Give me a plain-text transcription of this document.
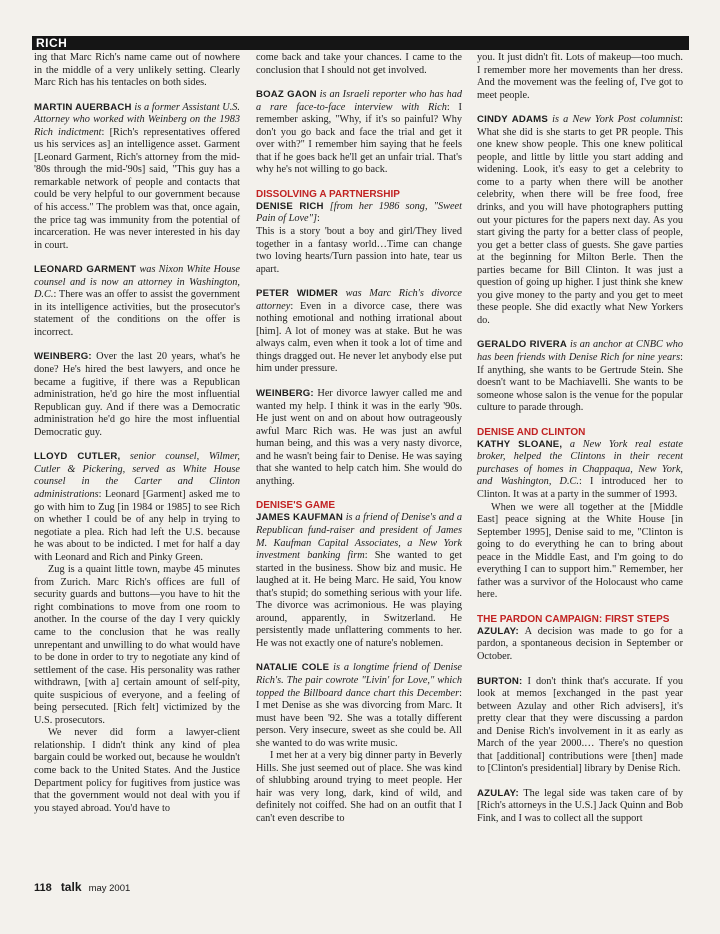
RICH

ing that Marc Rich's name came out of nowhere in the middle of a very unlikely setting. Clearly Marc Rich has his tentacles on both sides.

MARTIN AUERBACH is a former Assistant U.S. Attorney who worked with Weinberg on the 1983 Rich indictment: [Rich's representatives offered us his services as] an intelligence asset. Garment [Leonard Garment, Rich's attorney from the mid-'80s through the mid-'90s] said, "This guy has a remarkable network of people and contacts that could be very helpful to our government because of his access." The problem was that, once again, the price tag was immunity from the potential of incarceration. He was never interested in his day in court.

LEONARD GARMENT was Nixon White House counsel and is now an attorney in Washington, D.C.: There was an offer to assist the government in its intelligence activities, but the prosecutor's statement of the conditions on the offer is incorrect.

WEINBERG: Over the last 20 years, what's he done? He's hired the best lawyers, and once he became a fugitive, if there was a Republican administration, he'd go hire the most influential Republican guy. And if there was a Democratic administration he'd go hire the most influential Democratic guy.

LLOYD CUTLER, senior counsel, Wilmer, Cutler & Pickering, served as White House counsel in the Carter and Clinton administrations: Leonard [Garment] asked me to go with him to Zug [in 1984 or 1985] to see Rich on whether I could be of any help in trying to negotiate a plea. Rich had left the U.S. because he was about to be indicted. I met for half a day with Leonard and Rich and Pinky Green.

Zug is a quaint little town, maybe 45 minutes from Zurich. Marc Rich's offices are full of security guards and buttons—you have to hit the right combinations to move from one room to another. In the course of the day I very quickly came to the conclusion that he was really unrepentant and unwilling to do what would have to be done in order to try to negotiate any kind of settlement of the case. His personality was rather withdrawn, [with a] certain amount of self-pity, quite suspicious of everyone, and a feeling of being persecuted. [Rich felt] victimized by the U.S. prosecutors.

We never did form a lawyer-client relationship. I didn't think any kind of plea bargain could be worked out, because he wouldn't come back to the United States. And the Justice Department policy for fugitives from justice was that the government would not deal with you if you stayed abroad. You'd have to

come back and take your chances. I came to the conclusion that I should not get involved.

BOAZ GAON is an Israeli reporter who has had a rare face-to-face interview with Rich: I remember asking, "Why, if it's so painful? Why don't you go back and face the trial and get it over with?" I remember him saying that he feels that if he goes back he'll get an unfair trial. That's why he's not willing to go back.

DISSOLVING A PARTNERSHIP

DENISE RICH [from her 1986 song, "Sweet Pain of Love"]:
This is a story 'bout a boy and girl/They lived together in a fantasy world…Time can change two loving hearts/Turn passion into hate, tear us apart.

PETER WIDMER was Marc Rich's divorce attorney: Even in a divorce case, there was nothing emotional and nothing irrational about [him]. A lot of money was at stake. But he was always calm, even when it took a lot of time and things dragged out. He never let anybody else put him under pressure.

WEINBERG: Her divorce lawyer called me and wanted my help. I think it was in the early '90s. He just went on and on about how outrageously awful Marc Rich was. He was just an awful human being, and this was a very nasty divorce, and he wasn't being fair to Denise. He was saying that she wanted to help catch him. She would do anything.

DENISE'S GAME

JAMES KAUFMAN is a friend of Denise's and a Republican fund-raiser and president of James M. Kaufman Capital Associates, a New York investment banking firm: She wanted to get started in the business. Show biz and music. He laughed at it. He being Marc. He said, You know that's stupid; do something serious with your life. The divorce was acrimonious. He was playing around, apparently, in Switzerland. He persistently made unflattering comments to her. He was not exactly one of nature's noblemen.

NATALIE COLE is a longtime friend of Denise Rich's. The pair cowrote "Livin' for Love," which topped the Billboard dance chart this December: I met Denise as she was divorcing from Marc. It must have been '92. She was a totally different person. Very insecure, sweet as she could be. All she wanted to do was write music.

I met her at a very big dinner party in Beverly Hills. She just seemed out of place. She was kind of shlubbing around trying to meet people. Her hair was very long, dark, kind of wild, and definitely not coiffed. She had on an outfit that I can't even describe to

you. It just didn't fit. Lots of makeup—too much. I remember more her movements than her dress. And the movement was the feeling of, I've got to meet people.

CINDY ADAMS is a New York Post columnist: What she did is she starts to get PR people. This one knew show people. This one knew political people, and little by little you start adding and widening. Look, it's easy to get a celebrity to come to a party when there will be another celebrity, when there will be free food, free drinks, and you will have photographers putting out your pictures for the papers next day. As you start giving the party for a better class of people, you get a better class of guests. She gave parties at the beginning for Milton Berle. Then the parties became for Bill Clinton. It was just a question of going up higher. I just think she knew you give money to the party and you get to meet these people. She did exactly what New Yorkers do.

GERALDO RIVERA is an anchor at CNBC who has been friends with Denise Rich for nine years: If anything, she wants to be Gertrude Stein. She doesn't want to be Machiavelli. She wants to be someone whose salon is the venue for the popular culture to parade through.

DENISE AND CLINTON

KATHY SLOANE, a New York real estate broker, helped the Clintons in their recent purchases of homes in Chappaqua, New York, and Washington, D.C.: I introduced her to Clinton. It was at a party in the summer of 1993.

When we were all together at the [Middle East] peace signing at the White House [in September 1995], Denise said to me, "Clinton is going to do everything he can to bring about peace in the Middle East, and I'm going to do everything I can to support him." Remember, her father was a survivor of the Holocaust who came here.

THE PARDON CAMPAIGN: FIRST STEPS

AZULAY: A decision was made to go for a pardon, a spontaneous decision in September or October.

BURTON: I don't think that's accurate. If you look at memos [exchanged in the past year between Azulay and other Rich advisers], it's pretty clear that they were discussing a pardon and Denise Rich's involvement in it as early as March of the year 2000.… There's no question that [additional] contributions were [then] made to [Clinton's presidential] library by Denise Rich.

AZULAY: The legal side was taken care of by [Rich's attorneys in the U.S.] Jack Quinn and Bob Fink, and I was to collect all the support

118 talk may 2001
